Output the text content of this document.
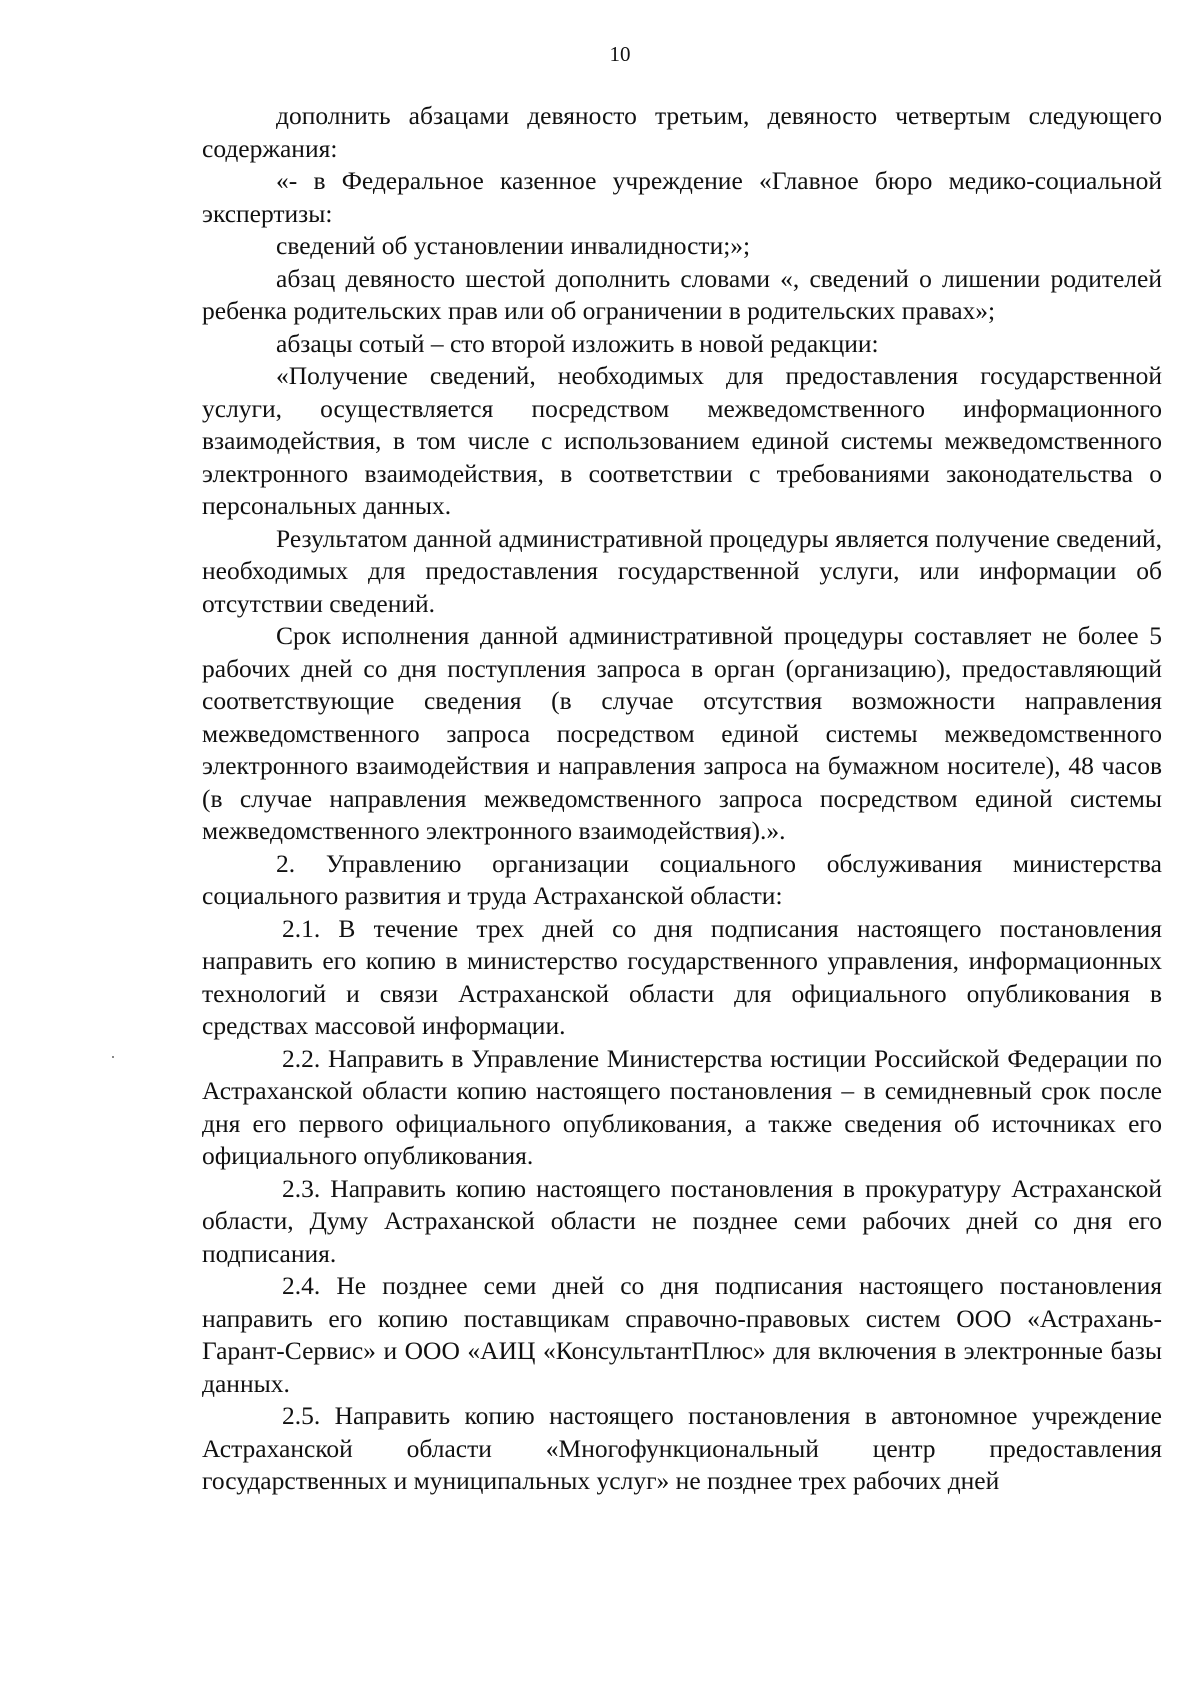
10

дополнить абзацами девяносто третьим, девяносто четвертым следующего содержания:

«- в Федеральное казенное учреждение «Главное бюро медико-социальной экспертизы:

сведений об установлении инвалидности;»;

абзац девяносто шестой дополнить словами «, сведений о лишении родителей ребенка родительских прав или об ограничении в родительских правах»;

абзацы сотый – сто второй изложить в новой редакции:

«Получение сведений, необходимых для предоставления государственной услуги, осуществляется посредством межведомственного информационного взаимодействия, в том числе с использованием единой системы межведомственного электронного взаимодействия, в соответствии с требованиями законодательства о персональных данных.

Результатом данной административной процедуры является получение сведений, необходимых для предоставления государственной услуги, или информации об отсутствии сведений.

Срок исполнения данной административной процедуры составляет не более 5 рабочих дней со дня поступления запроса в орган (организацию), предоставляющий соответствующие сведения (в случае отсутствия возможности направления межведомственного запроса посредством единой системы межведомственного электронного взаимодействия и направления запроса на бумажном носителе), 48 часов (в случае направления межведомственного запроса посредством единой системы межведомственного электронного взаимодействия).».

2. Управлению организации социального обслуживания министерства социального развития и труда Астраханской области:

2.1. В течение трех дней со дня подписания настоящего постановления направить его копию в министерство государственного управления, информационных технологий и связи Астраханской области для официального опубликования в средствах массовой информации.

2.2. Направить в Управление Министерства юстиции Российской Федерации по Астраханской области копию настоящего постановления – в семидневный срок после дня его первого официального опубликования, а также сведения об источниках его официального опубликования.

2.3. Направить копию настоящего постановления в прокуратуру Астраханской области, Думу Астраханской области не позднее семи рабочих дней со дня его подписания.

2.4. Не позднее семи дней со дня подписания настоящего постановления направить его копию поставщикам справочно-правовых систем ООО «Астрахань-Гарант-Сервис» и ООО «АИЦ «КонсультантПлюс» для включения в электронные базы данных.

2.5. Направить копию настоящего постановления в автономное учреждение Астраханской области «Многофункциональный центр предоставления государственных и муниципальных услуг» не позднее трех рабочих дней
